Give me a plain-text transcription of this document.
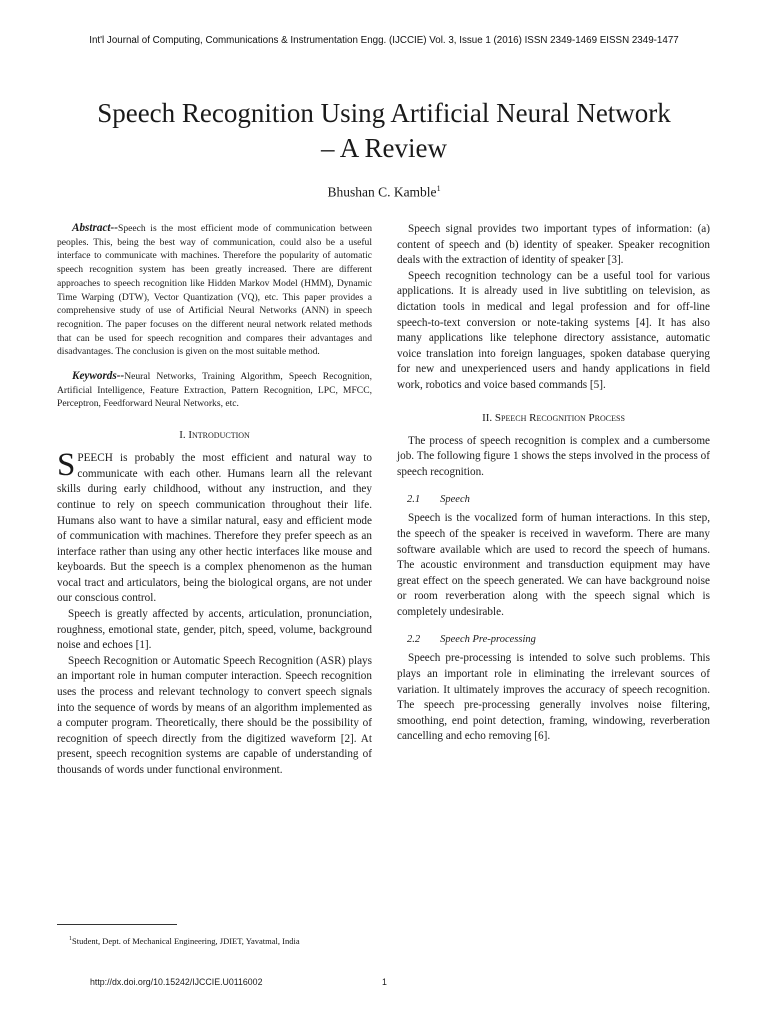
Int'l Journal of Computing, Communications & Instrumentation Engg. (IJCCIE) Vol. 3, Issue 1 (2016) ISSN 2349-1469 EISSN 2349-1477
Speech Recognition Using Artificial Neural Network
– A Review
Bhushan C. Kamble$^1$

Abstract--Speech is the most efficient mode of communication between peoples. This, being the best way of communication, could also be a useful interface to communicate with machines. Therefore the popularity of automatic speech recognition system has been greatly increased. There are different approaches to speech recognition like Hidden Markov Model (HMM), Dynamic Time Warping (DTW), Vector Quantization (VQ), etc. This paper provides a comprehensive study of use of Artificial Neural Networks (ANN) in speech recognition. The paper focuses on the different neural network related methods that can be used for speech recognition and compares their advantages and disadvantages. The conclusion is given on the most suitable method.

Keywords--Neural Networks, Training Algorithm, Speech Recognition, Artificial Intelligence, Feature Extraction, Pattern Recognition, LPC, MFCC, Perceptron, Feedforward Neural Networks, etc.

I. Introduction

SPEECH is probably the most efficient and natural way to communicate with each other. Humans learn all the relevant skills during early childhood, without any instruction, and they continue to rely on speech communication throughout their life. Humans also want to have a similar natural, easy and efficient mode of communication with machines. Therefore they prefer speech as an interface rather than using any other hectic interfaces like mouse and keyboards. But the speech is a complex phenomenon as the human vocal tract and articulators, being the biological organs, are not under our conscious control.

Speech is greatly affected by accents, articulation, pronunciation, roughness, emotional state, gender, pitch, speed, volume, background noise and echoes [1].

Speech Recognition or Automatic Speech Recognition (ASR) plays an important role in human computer interaction. Speech recognition uses the process and relevant technology to convert speech signals into the sequence of words by means of an algorithm implemented as a computer program. Theoretically, there should be the possibility of recognition of speech directly from the digitized waveform [2]. At present, speech recognition systems are capable of understanding of thousands of words under functional environment.

Speech signal provides two important types of information: (a) content of speech and (b) identity of speaker. Speaker recognition deals with the extraction of identity of speaker [3].

Speech recognition technology can be a useful tool for various applications. It is already used in live subtitling on television, as dictation tools in medical and legal profession and for off-line speech-to-text conversion or note-taking systems [4]. It has also many applications like telephone directory assistance, automatic voice translation into foreign languages, spoken database querying for new and unexperienced users and handy applications in field work, robotics and voice based commands [5].

II. Speech Recognition Process

The process of speech recognition is complex and a cumbersome job. The following figure 1 shows the steps involved in the process of speech recognition.

2.1 Speech

Speech is the vocalized form of human interactions. In this step, the speech of the speaker is received in waveform. There are many software available which are used to record the speech of humans. The acoustic environment and transduction equipment may have great effect on the speech generated. We can have background noise or room reverberation along with the speech signal which is completely undesirable.

2.2 Speech Pre-processing

Speech pre-processing is intended to solve such problems. This plays an important role in eliminating the irrelevant sources of variation. It ultimately improves the accuracy of speech recognition. The speech pre-processing generally involves noise filtering, smoothing, end point detection, framing, windowing, reverberation cancelling and echo removing [6].

$^1$Student, Dept. of Mechanical Engineering, JDIET, Yavatmal, India
http://dx.doi.org/10.15242/IJCCIE.U0116002	1
